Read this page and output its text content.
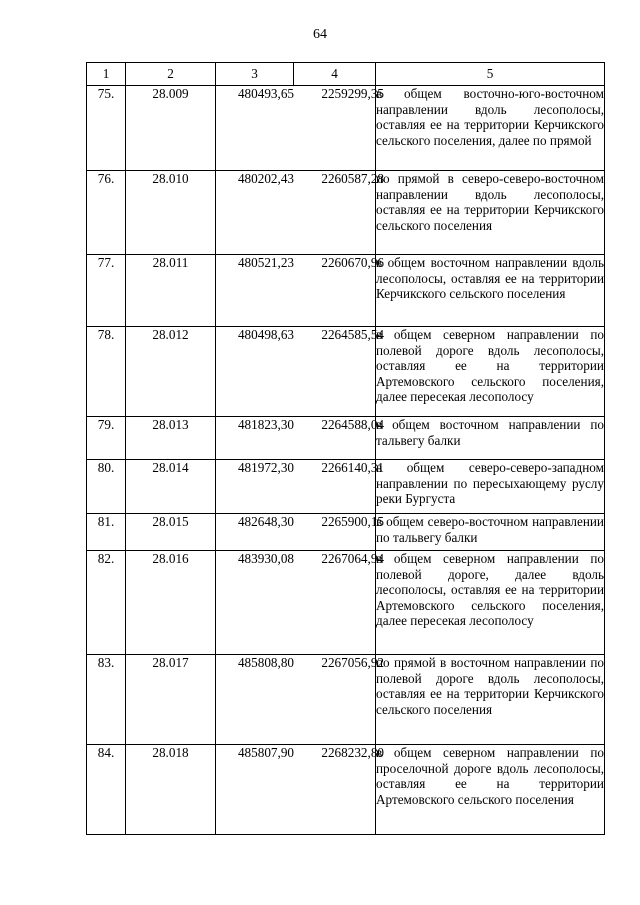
64
1	2	3	4	5
75.	28.009	480493,65 2259299,35		в общем восточно-юго-восточном направлении вдоль лесополосы, оставляя ее на территории Керчикского сельского поселения, далее по прямой
76.	28.010	480202,43 2260587,28		по прямой в северо-северо-восточном направлении вдоль лесополосы, оставляя ее на территории Керчикского сельского поселения
77.	28.011	480521,23 2260670,96		в общем восточном направлении вдоль лесополосы, оставляя ее на территории Керчикского сельского поселения
78.	28.012	480498,63 2264585,54		в общем северном направлении по полевой дороге вдоль лесополосы, оставляя ее на территории Артемовского сельского поселения, далее пересекая лесополосу
79.	28.013	481823,30 2264588,04		в общем восточном направлении по тальвегу балки
80.	28.014	481972,30 2266140,31		в общем северо-северо-западном направлении по пересыхающему руслу реки Бургуста
81.	28.015	482648,30 2265900,15		в общем северо-восточном направлении по тальвегу балки
82.	28.016	483930,08 2267064,94		в общем северном направлении по полевой дороге, далее вдоль лесополосы, оставляя ее на территории Артемовского сельского поселения, далее пересекая лесополосу
83.	28.017	485808,80 2267056,92		по прямой в восточном направлении по полевой дороге вдоль лесополосы, оставляя ее на территории Керчикского сельского поселения
84.	28.018	485807,90 2268232,80		в общем северном направлении по проселочной дороге вдоль лесополосы, оставляя ее на территории Артемовского сельского поселения
